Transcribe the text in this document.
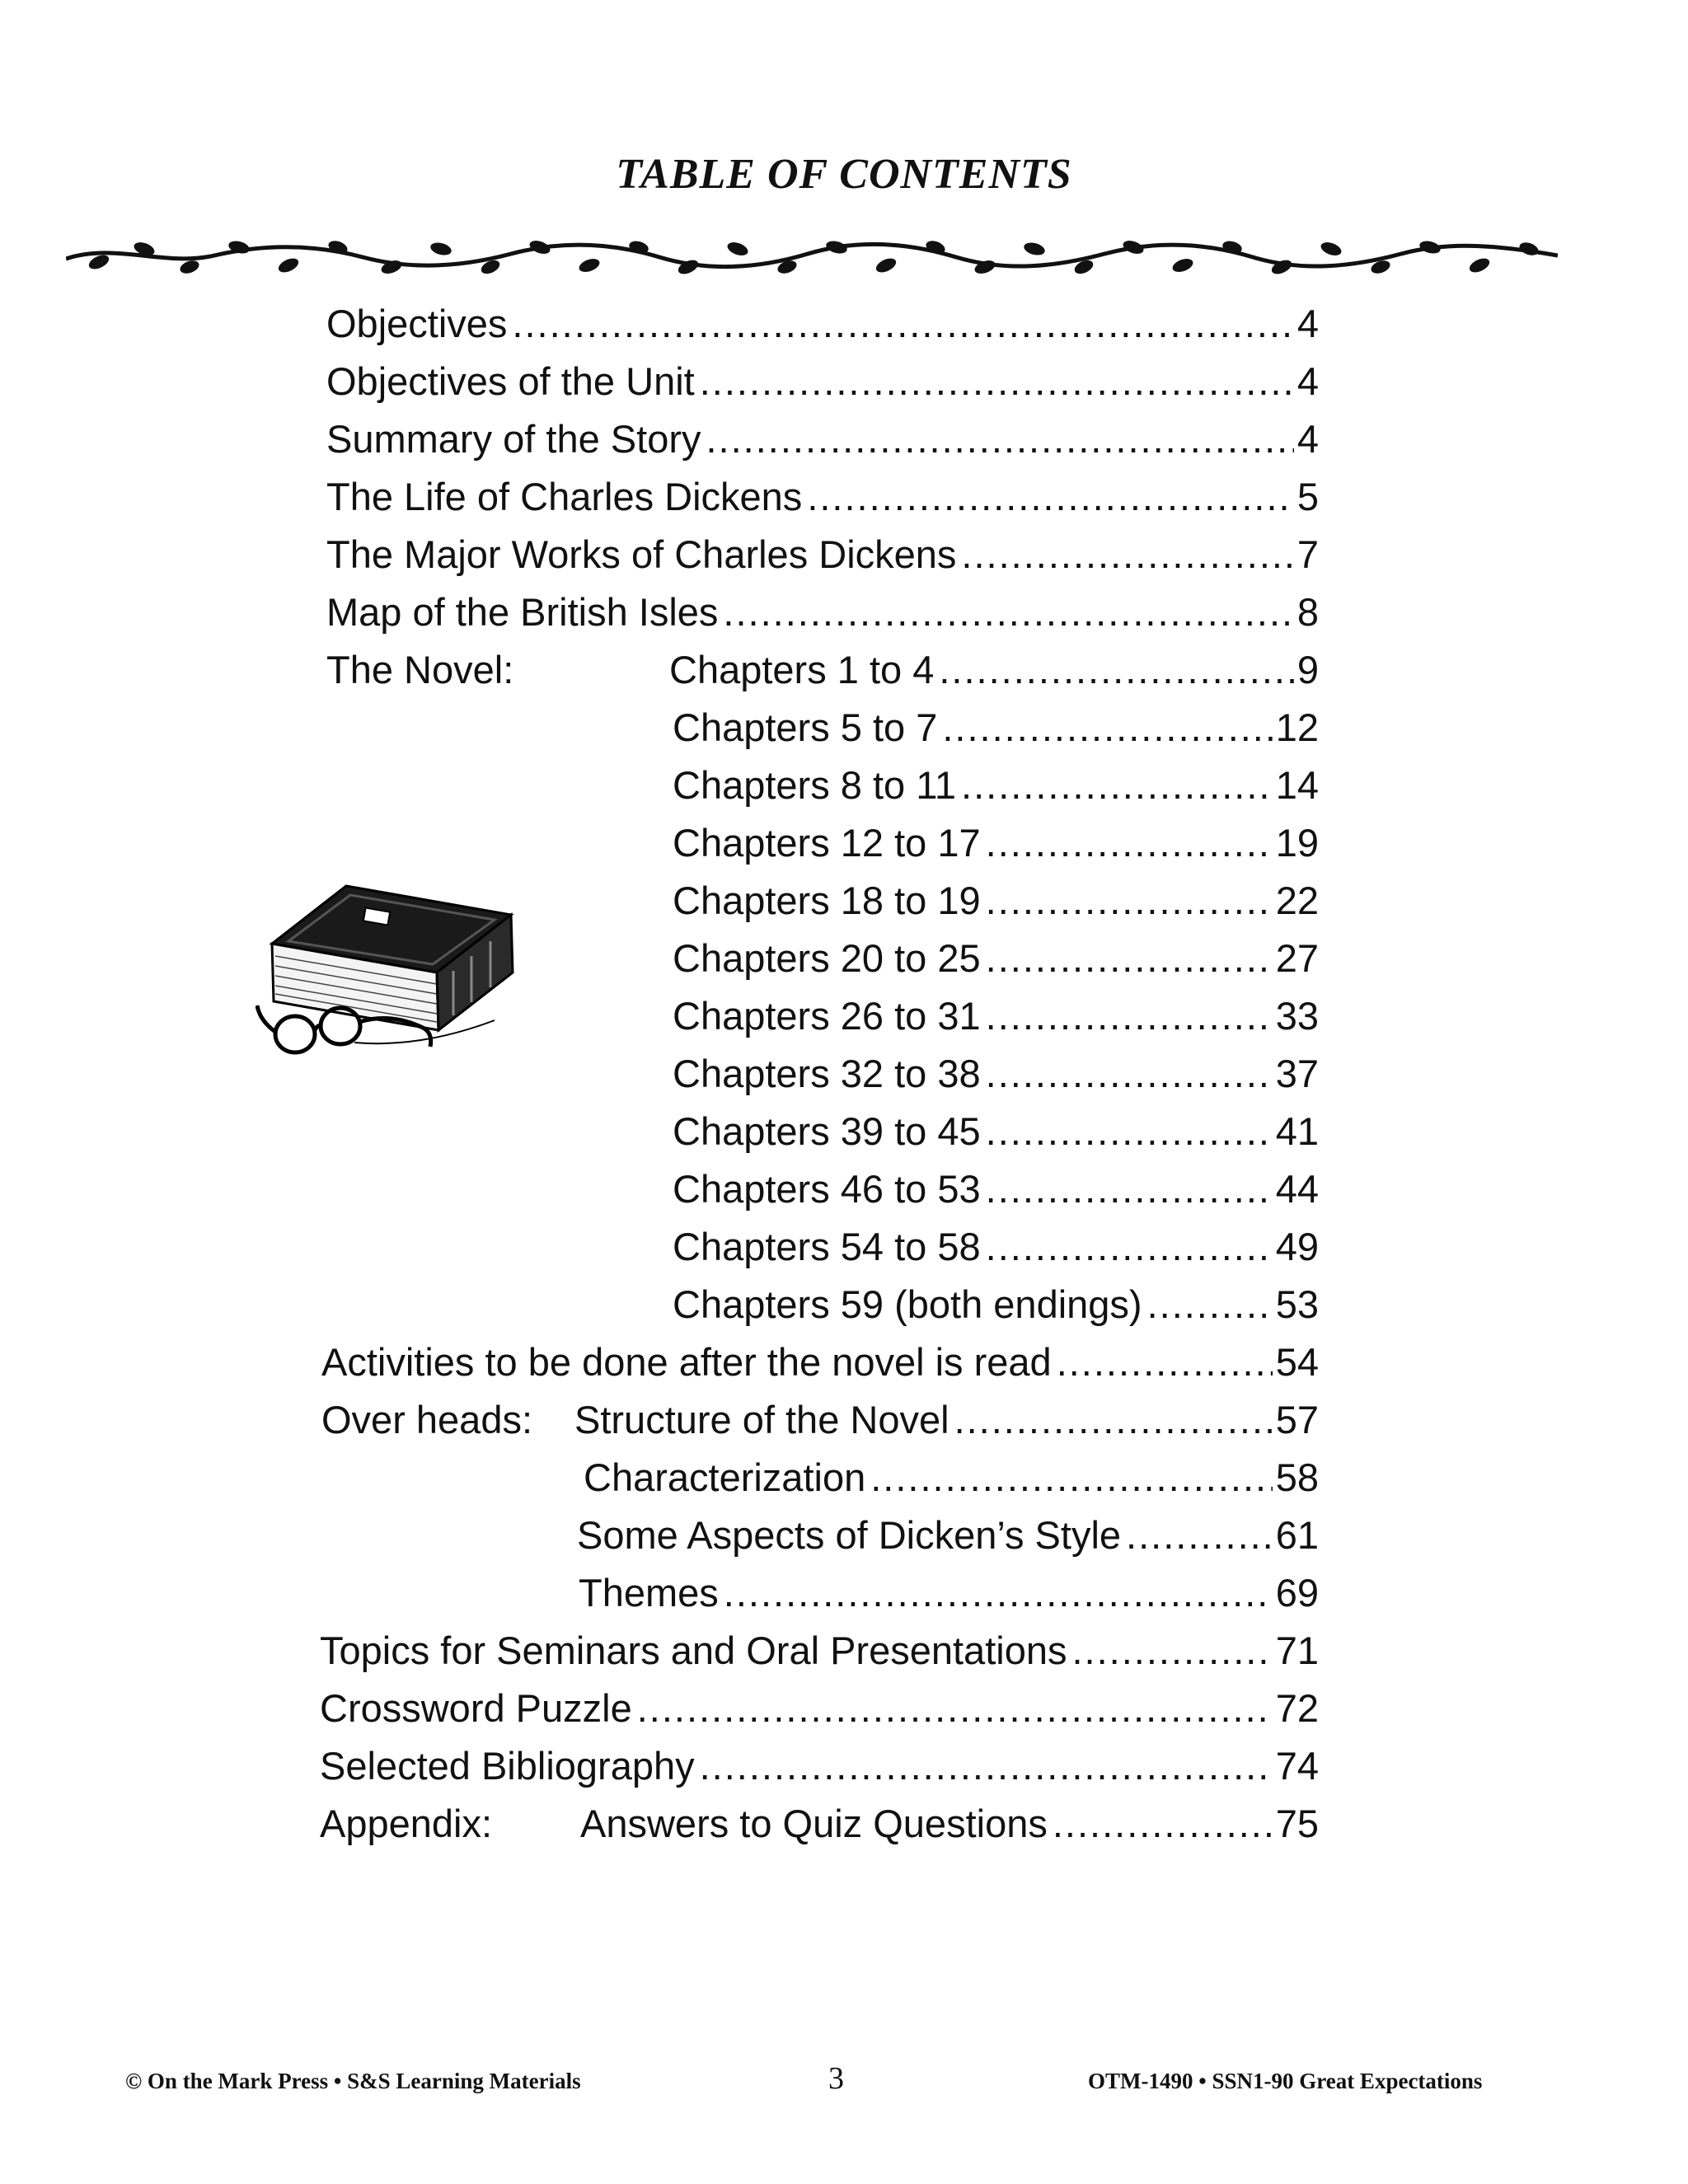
TABLE OF CONTENTS
Objectives .....	4
Objectives of the Unit .....	4
Summary of the Story .....	4
The Life of Charles Dickens .....	5
The Major Works of Charles Dickens .....	7
Map of the British Isles .....	8
The Novel:	Chapters 1 to 4 .....	9
Chapters 5 to 7 .....	12
Chapters 8 to 11 .....	14
Chapters 12 to 17 .....	19
Chapters 18 to 19 .....	22
Chapters 20 to 25 .....	27
Chapters 26 to 31 .....	33
Chapters 32 to 38 .....	37
Chapters 39 to 45 .....	41
Chapters 46 to 53 .....	44
Chapters 54 to 58 .....	49
Chapters 59 (both endings) .....	53
Activities to be done after the novel is read .....	54
Over heads: Structure of the Novel .....	57
Characterization .....	58
Some Aspects of Dicken’s Style .....	61
Themes .....	69
Topics for Seminars and Oral Presentations .....	71
Crossword Puzzle .....	72
Selected Bibliography .....	74
Appendix: Answers to Quiz Questions .....	75
© On the Mark Press • S&S Learning Materials	3	OTM-1490 • SSN1-90 Great Expectations
